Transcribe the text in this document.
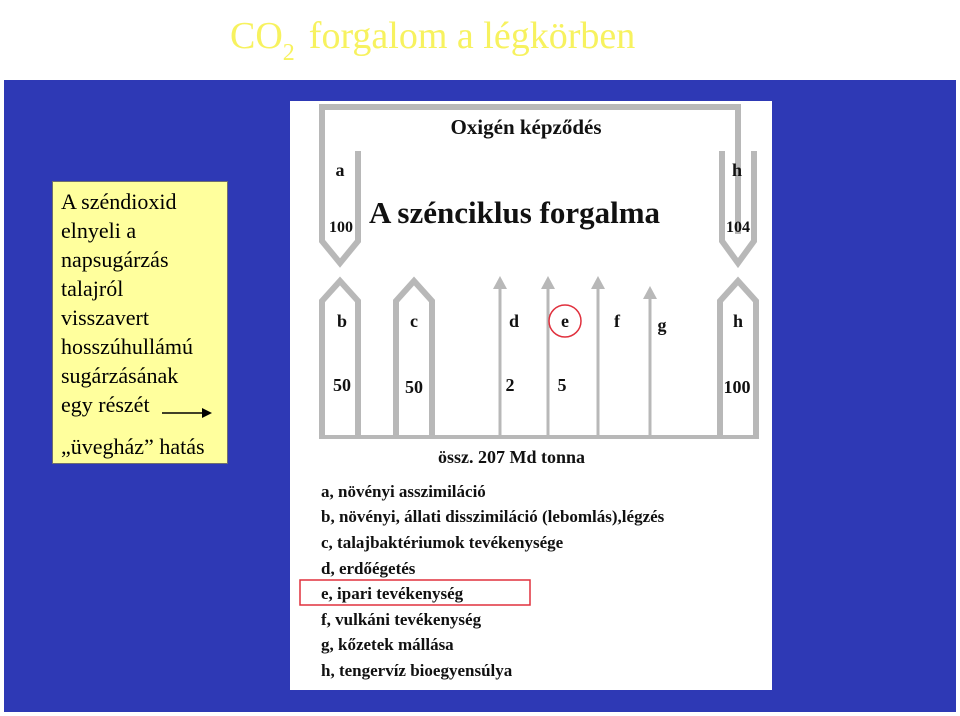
$CO_2$ forgalom a légkörben
A széndioxid
elnyeli a
napsugárzás
talajról
visszavert
hosszúhullámú
sugárzásának
egy részét
„üvegház” hatás
Oxigén képződés
a
100
h
104
A szénciklus forgalma
b	c	d e	f g	h
50	50	2 5	100
össz. 207 Md tonna
a, növényi asszimiláció
b, növényi, állati disszimiláció (lebomlás),légzés
c, talajbaktériumok tevékenysége
d, erdőégetés
e, ipari tevékenység
f, vulkáni tevékenység
g, kőzetek mállása
h, tengervíz bioegyensúlya
